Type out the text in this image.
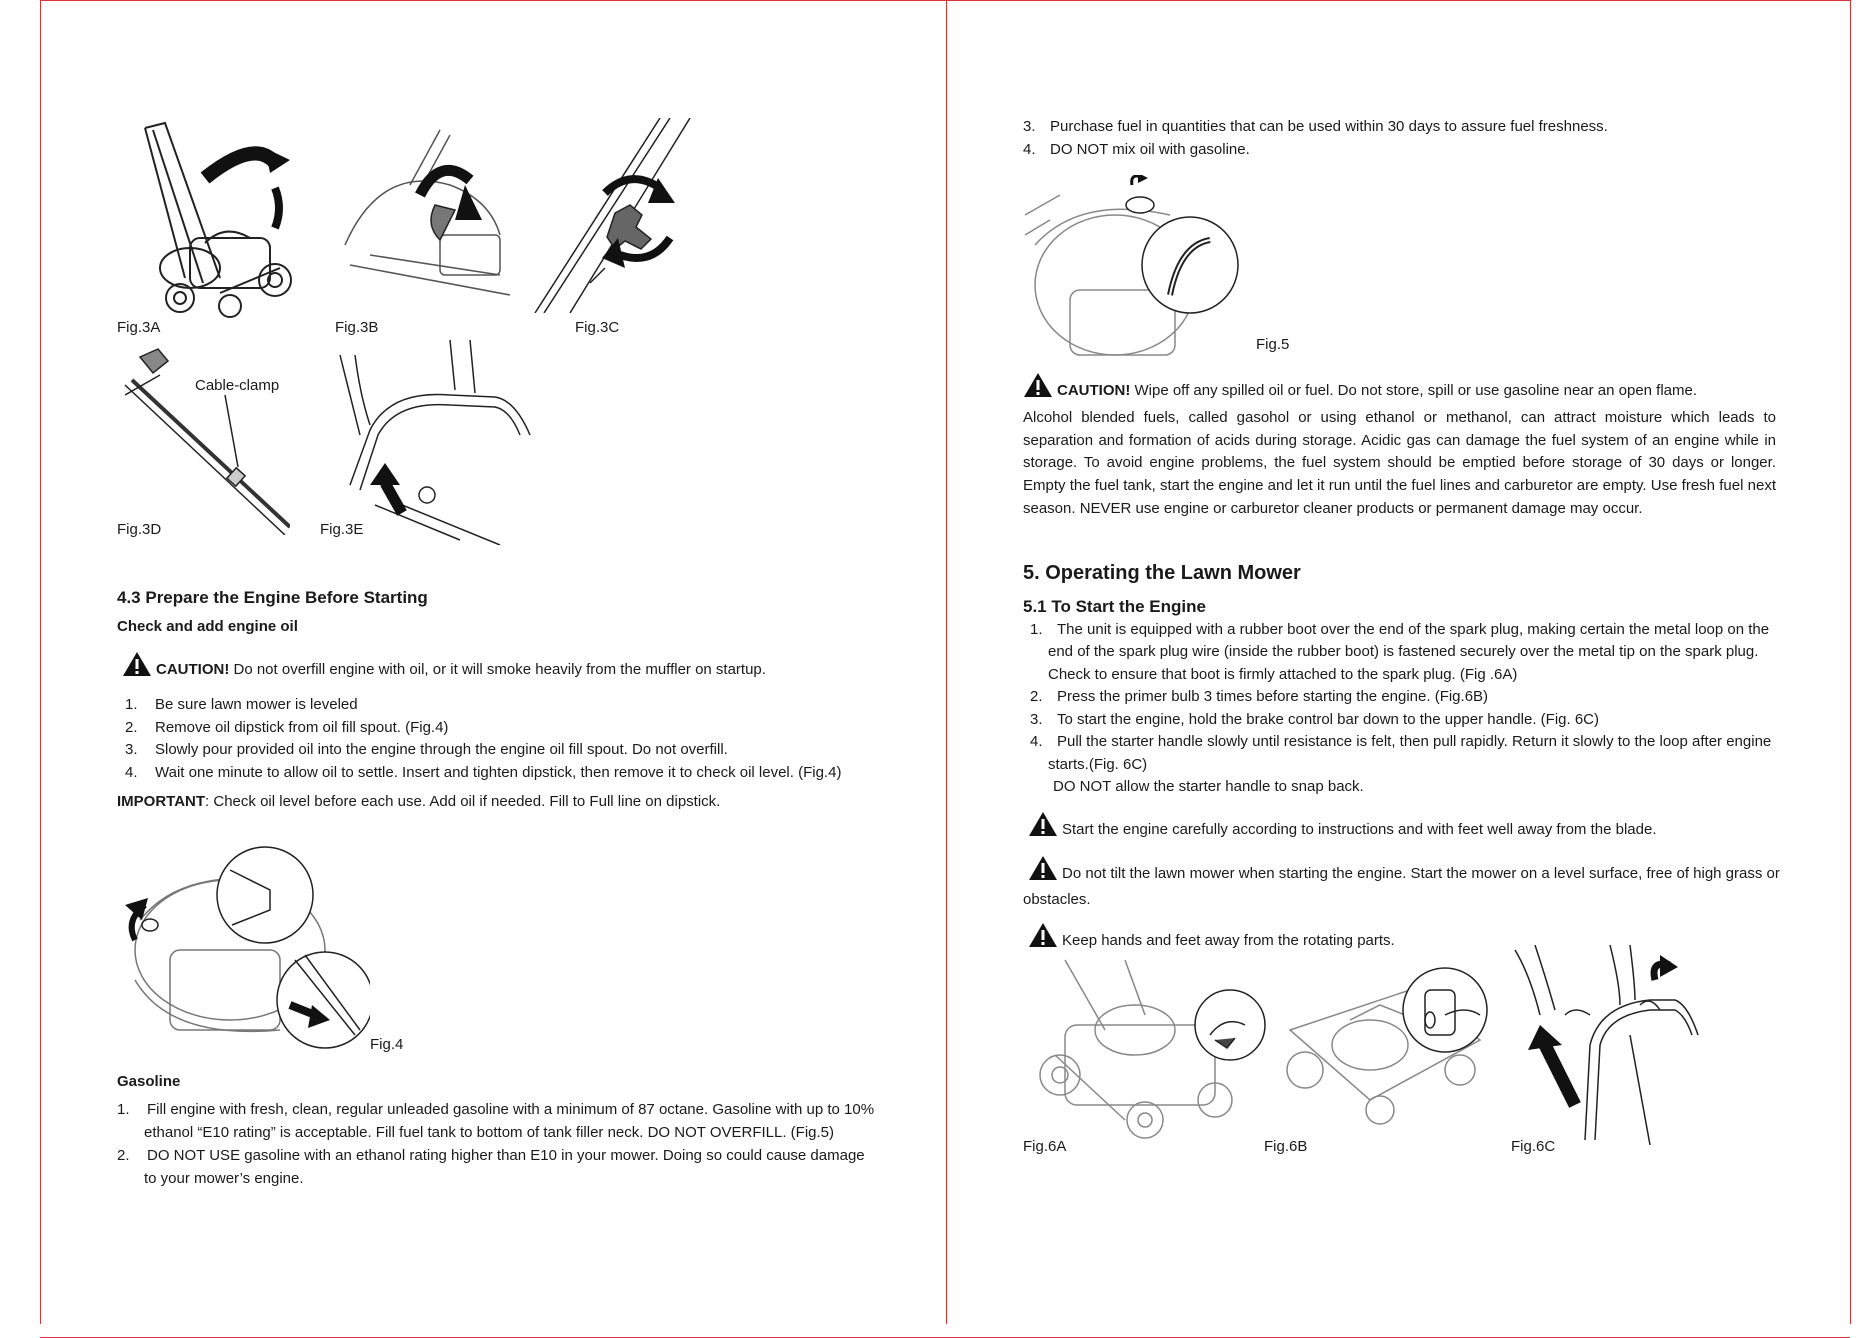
Fig.3A	Fig.3B	Fig.3C
Cable-clamp
Fig.3D	Fig.3E
4.3 Prepare the Engine Before Starting
Check and add engine oil
CAUTION! Do not overfill engine with oil, or it will smoke heavily from the muffler on startup.
1. Be sure lawn mower is leveled
2. Remove oil dipstick from oil fill spout. (Fig.4)
3. Slowly pour provided oil into the engine through the engine oil fill spout. Do not overfill.
4. Wait one minute to allow oil to settle. Insert and tighten dipstick, then remove it to check oil level. (Fig.4)
IMPORTANT: Check oil level before each use. Add oil if needed. Fill to Full line on dipstick.
Fig.4
Gasoline
1. Fill engine with fresh, clean, regular unleaded gasoline with a minimum of 87 octane. Gasoline with up to 10%
ethanol “E10 rating” is acceptable. Fill fuel tank to bottom of tank filler neck. DO NOT OVERFILL. (Fig.5)
2. DO NOT USE gasoline with an ethanol rating higher than E10 in your mower. Doing so could cause damage
to your mower’s engine.
3. Purchase fuel in quantities that can be used within 30 days to assure fuel freshness.
4. DO NOT mix oil with gasoline.
Fig.5
CAUTION! Wipe off any spilled oil or fuel. Do not store, spill or use gasoline near an open flame.
Alcohol blended fuels, called gasohol or using ethanol or methanol, can attract moisture which leads to
separation and formation of acids during storage. Acidic gas can damage the fuel system of an engine while in
storage. To avoid engine problems, the fuel system should be emptied before storage of 30 days or longer.
Empty the fuel tank, start the engine and let it run until the fuel lines and carburetor are empty. Use fresh fuel next
season. NEVER use engine or carburetor cleaner products or permanent damage may occur.
5. Operating the Lawn Mower
5.1 To Start the Engine
1. The unit is equipped with a rubber boot over the end of the spark plug, making certain the metal loop on the
end of the spark plug wire (inside the rubber boot) is fastened securely over the metal tip on the spark plug.
Check to ensure that boot is firmly attached to the spark plug. (Fig .6A)
2. Press the primer bulb 3 times before starting the engine. (Fig.6B)
3. To start the engine, hold the brake control bar down to the upper handle. (Fig. 6C)
4. Pull the starter handle slowly until resistance is felt, then pull rapidly. Return it slowly to the loop after engine
starts.(Fig. 6C)
DO NOT allow the starter handle to snap back.
Start the engine carefully according to instructions and with feet well away from the blade.
Do not tilt the lawn mower when starting the engine. Start the mower on a level surface, free of high grass or
obstacles.
Keep hands and feet away from the rotating parts.
Fig.6A	Fig.6B	Fig.6C
